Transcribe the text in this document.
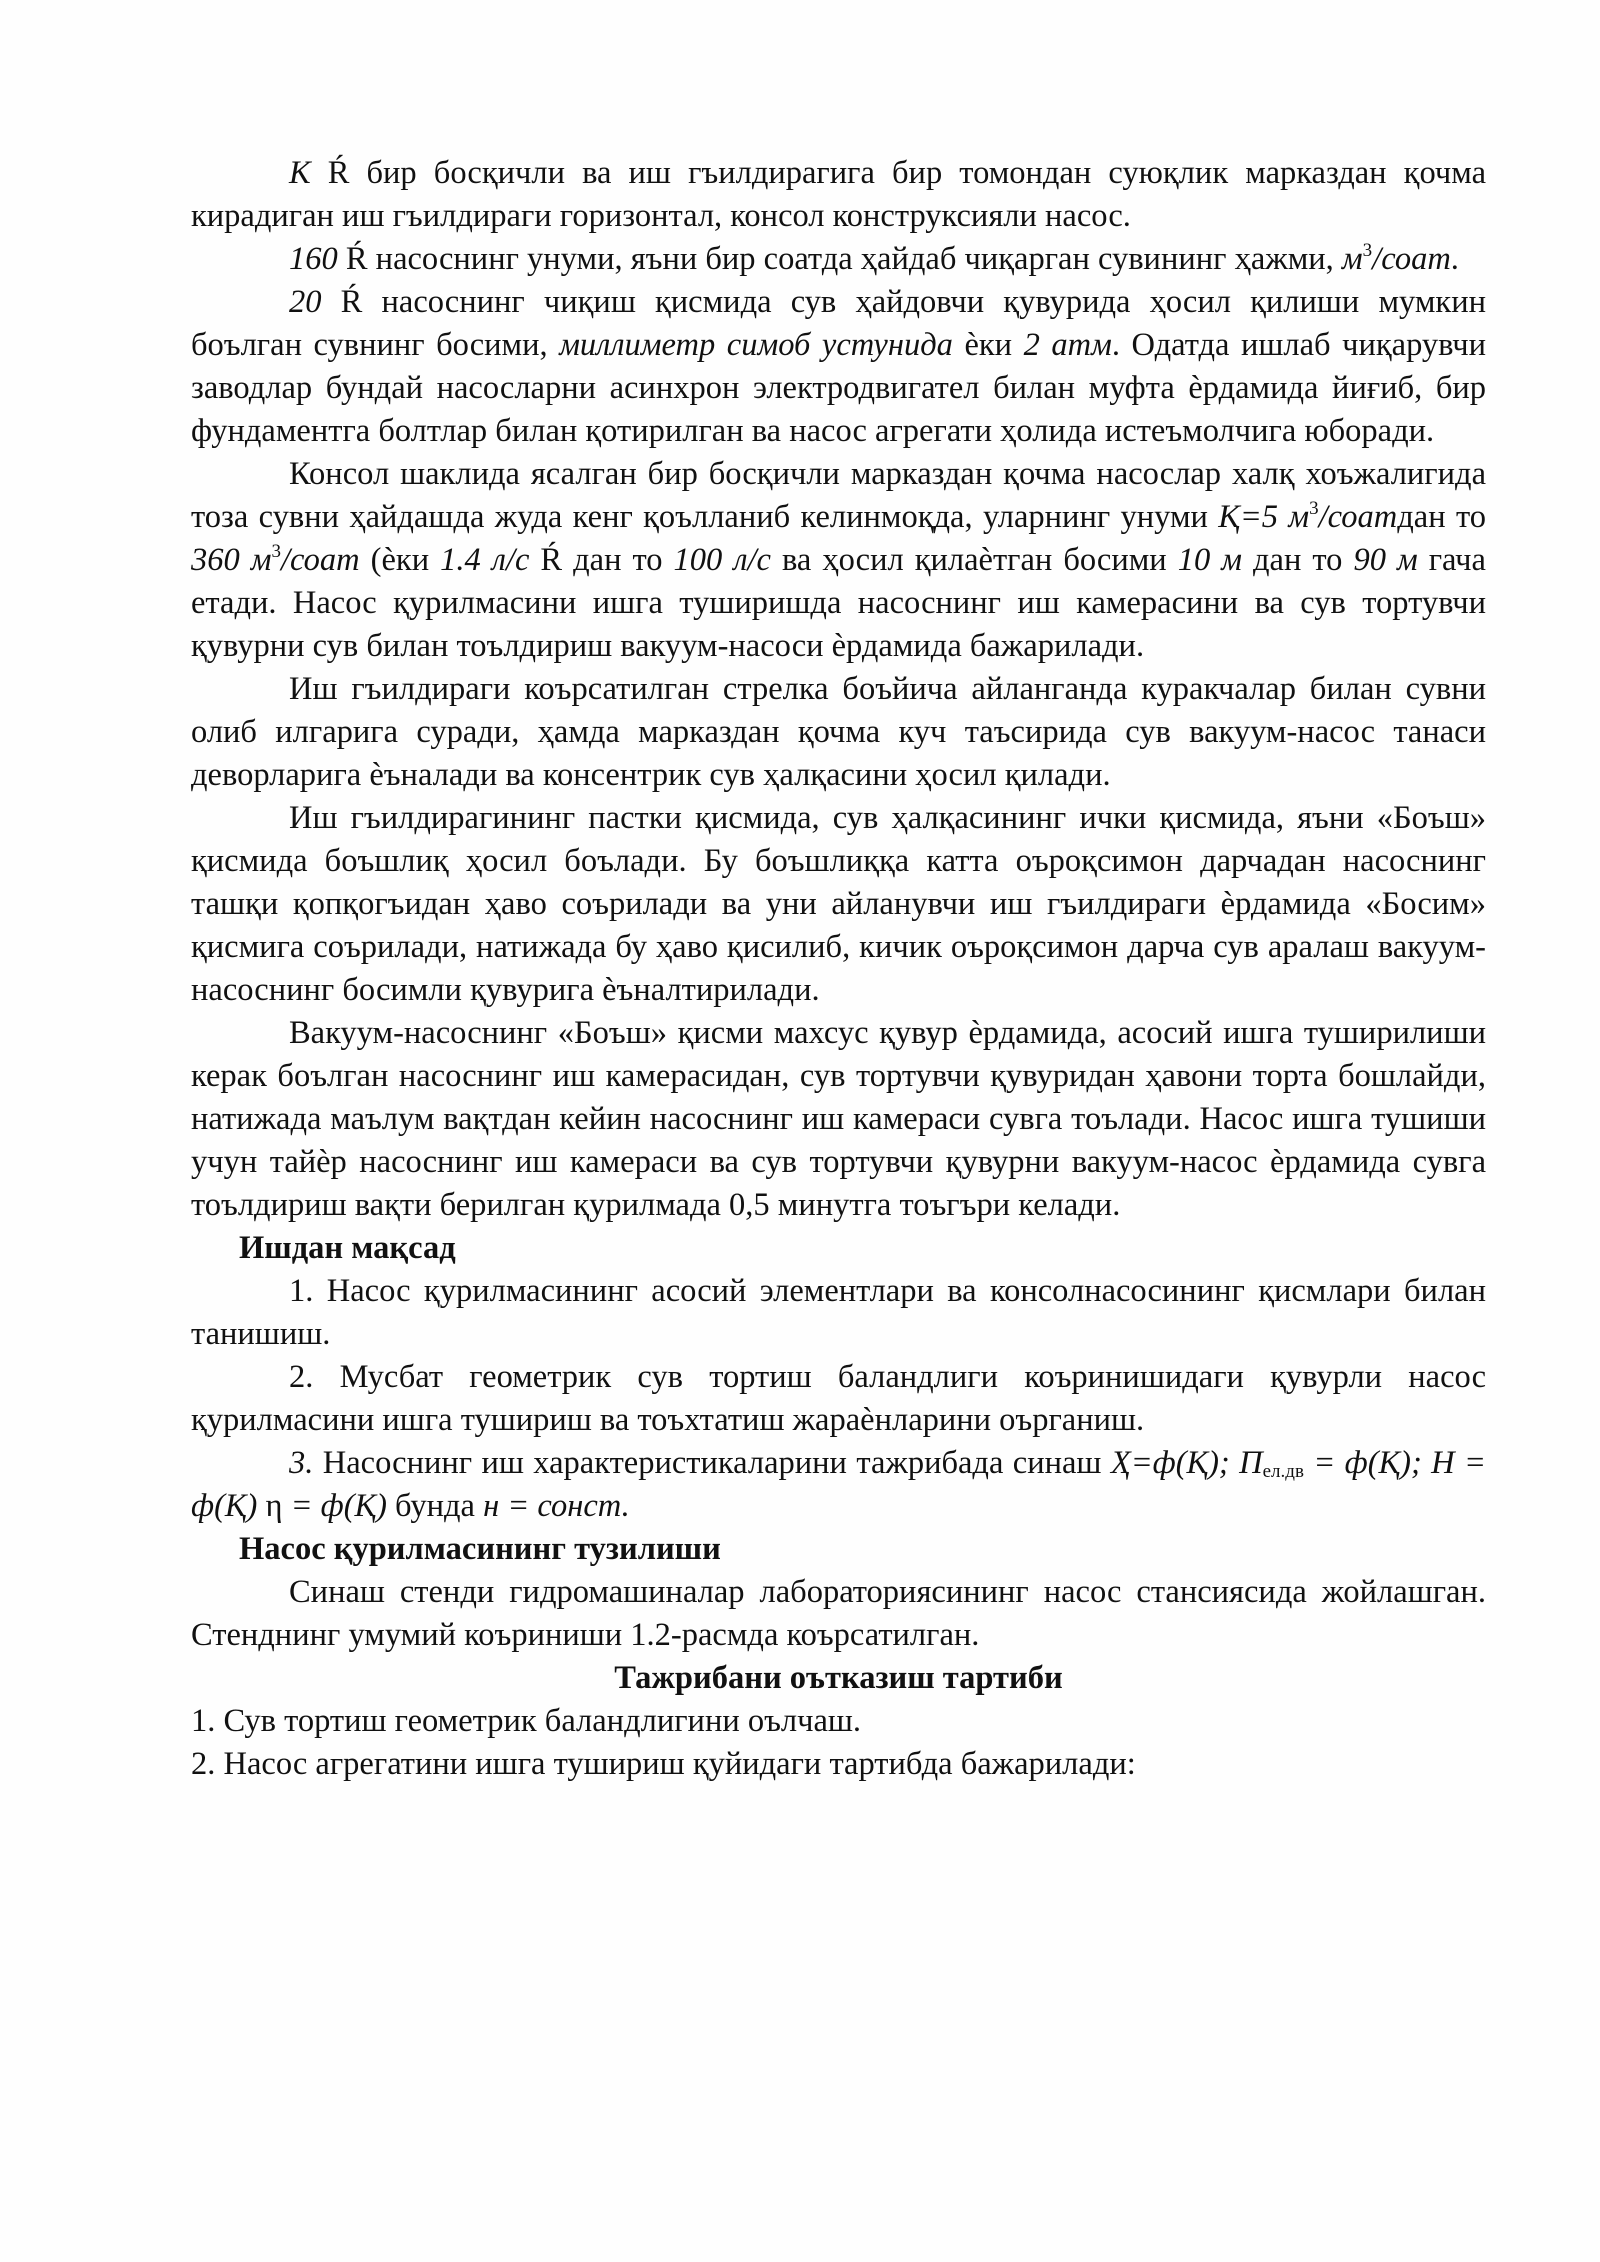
К Ŕ бир босқичли ва иш гъилдирагига бир томондан суюқлик марказдан қочма кирадиган иш гъилдираги горизонтал, консол конструксияли насос.

160 Ŕ насоснинг унуми, яъни бир соатда ҳайдаб чиқарган сувининг ҳажми, $м^3$/соат.

20 Ŕ насоснинг чиқиш қисмида сув ҳайдовчи қувурида ҳосил қилиши мумкин боълган сувнинг босими, миллиметр симоб устунида ѐки 2 атм. Одатда ишлаб чиқарувчи заводлар бундай насосларни асинхрон электродвигател билан муфта ѐрдамида йиғиб, бир фундаментга болтлар билан қотирилган ва насос агрегати ҳолида истеъмолчига юборади.

Консол шаклида ясалган бир босқичли марказдан қочма насослар халқ хоъжалигида тоза сувни ҳайдашда жуда кенг қоълланиб келинмоқда, уларнинг унуми Қ=5 $м^3$/соатдан то 360 $м^3$/соат (ѐки 1.4 л/с Ŕ дан то 100 л/с ва ҳосил қилаѐтган босими 10 м дан то 90 м гача етади. Насос қурилмасини ишга туширишда насоснинг иш камерасини ва сув тортувчи қувурни сув билан тоълдириш вакуум-насоси ѐрдамида бажарилади.

Иш гъилдираги коърсатилган стрелка боъйича айланганда куракчалар билан сувни олиб илгарига суради, ҳамда марказдан қочма куч таъсирида сув вакуум-насос танаси деворларига ѐъналади ва консентрик сув ҳалқасини ҳосил қилади.

Иш гъилдирагининг пастки қисмида, сув ҳалқасининг ички қисмида, яъни «Боъш» қисмида боъшлиқ ҳосил боълади. Бу боъшлиққа катта оъроқсимон дарчадан насоснинг ташқи қопқогъидан ҳаво соърилади ва уни айланувчи иш гъилдираги ѐрдамида «Босим» қисмига соърилади, натижада бу ҳаво қисилиб, кичик оъроқсимон дарча сув аралаш вакуум-насоснинг босимли қувурига ѐъналтирилади.

Вакуум-насоснинг «Боъш» қисми махсус қувур ѐрдамида, асосий ишга туширилиши керак боълган насоснинг иш камерасидан, сув тортувчи қувуридан ҳавони торта бошлайди, натижада маълум вақтдан кейин насоснинг иш камераси сувга тоълади. Насос ишга тушиши учун тайѐр насоснинг иш камераси ва сув тортувчи қувурни вакуум-насос ѐрдамида сувга тоълдириш вақти берилган қурилмада 0,5 минутга тоъгъри келади.

Ишдан мақсад

1. Насос қурилмасининг асосий элементлари ва консолнасосининг қисмлари билан танишиш.

2. Мусбат геометрик сув тортиш баландлиги коъринишидаги қувурли насос қурилмасини ишга тушириш ва тоъхтатиш жараѐнларини оърганиш.

3. Насоснинг иш характеристикаларини тажрибада синаш Ҳ=ф(Қ); $П_{ел.дв} = ф(Қ)$; Н = ф(Қ) η = ф(Қ) бунда н = сонст.

Насос қурилмасининг тузилиши

Синаш стенди гидромашиналар лабораториясининг насос стансиясида жойлашган. Стенднинг умумий коъриниши 1.2-расмда коърсатилган.

Тажрибани оътказиш тартиби

1. Сув тортиш геометрик баландлигини оълчаш.

2. Насос агрегатини ишга тушириш қуйидаги тартибда бажарилади:
